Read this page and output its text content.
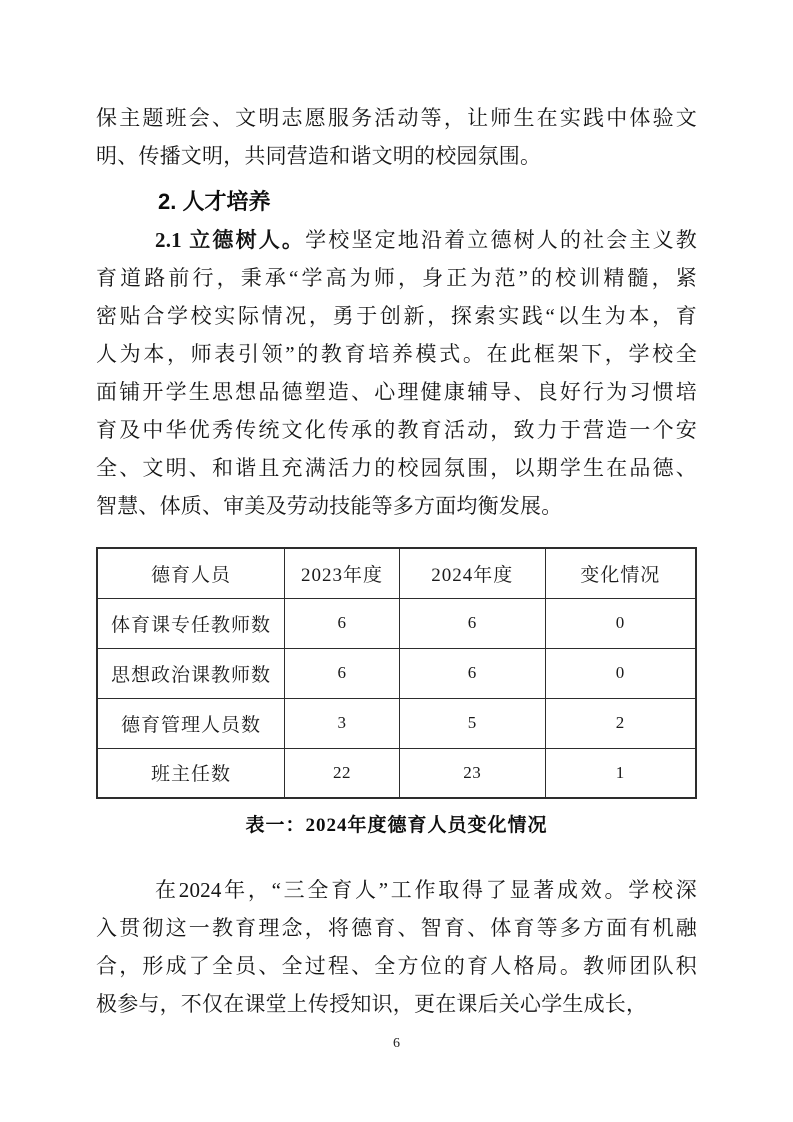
保主题班会、文明志愿服务活动等，让师生在实践中体验文
明、传播文明，共同营造和谐文明的校园氛围。
2. 人才培养
2.1 立德树人。学校坚定地沿着立德树人的社会主义教
育道路前行，秉承“学高为师，身正为范”的校训精髓，紧
密贴合学校实际情况，勇于创新，探索实践“以生为本，育
人为本，师表引领”的教育培养模式。在此框架下，学校全
面铺开学生思想品德塑造、心理健康辅导、良好行为习惯培
育及中华优秀传统文化传承的教育活动，致力于营造一个安
全、文明、和谐且充满活力的校园氛围，以期学生在品德、
智慧、体质、审美及劳动技能等多方面均衡发展。
德育人员	2023年度	2024年度	变化情况
体育课专任教师数	6	6	0
思想政治课教师数	6	6	0
德育管理人员数	3	5	2
班主任数	22	23	1
表一：2024年度德育人员变化情况
在2024年，“三全育人”工作取得了显著成效。学校深
入贯彻这一教育理念，将德育、智育、体育等多方面有机融
合，形成了全员、全过程、全方位的育人格局。教师团队积
极参与，不仅在课堂上传授知识，更在课后关心学生成长，
6
